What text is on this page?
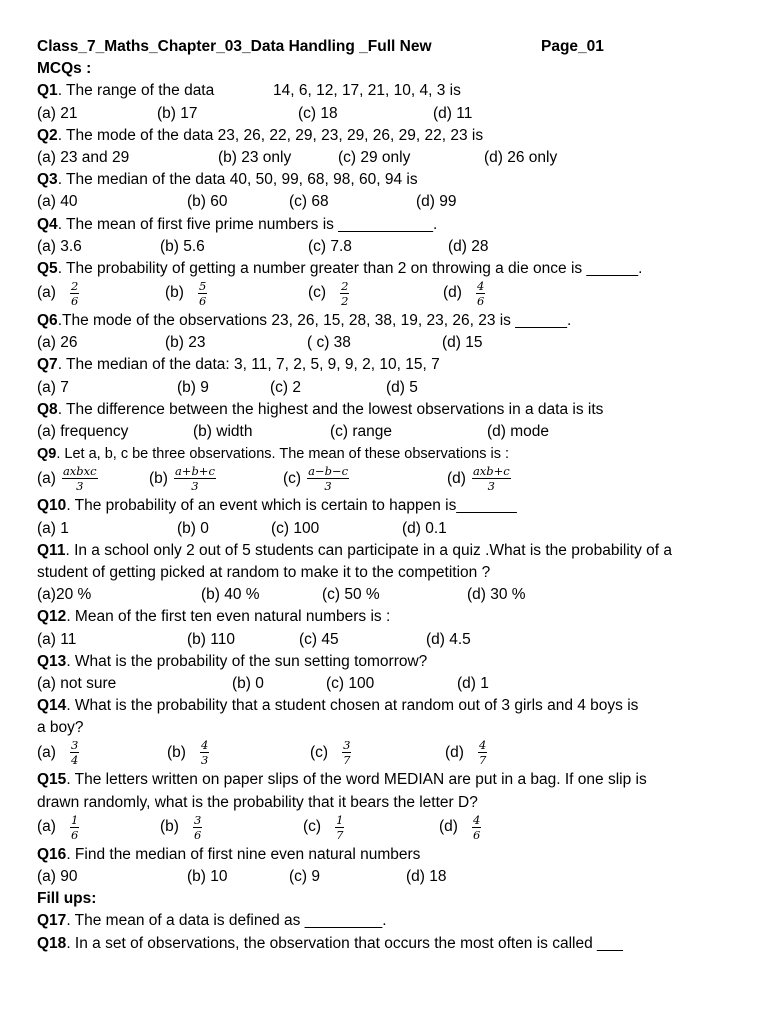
Class_7_Maths_Chapter_03_Data Handling _Full New	Page_01
MCQs :
Q1. The range of the data	14, 6, 12, 17, 21, 10, 4, 3 is
(a) 21	(b) 17	(c) 18	(d) 11
Q2. The mode of the data 23, 26, 22, 29, 23, 29, 26, 29, 22, 23 is
(a) 23 and 29	(b) 23 only	(c) 29 only	(d) 26 only
Q3. The median of the data 40, 50, 99, 68, 98, 60, 94 is
(a) 40	(b) 60	(c) 68	(d) 99
Q4. The mean of first five prime numbers is ___________.
(a) 3.6	(b) 5.6	(c) 7.8	(d) 28
Q5. The probability of getting a number greater than 2 on throwing a die once is ______.
$(a) \frac{2}{6}$	$(b) \frac{5}{6}$	$(c) \frac{2}{2}$	$(d) \frac{4}{6}$
Q6.The mode of the observations 23, 26, 15, 28, 38, 19, 23, 26, 23 is ______.
(a) 26	(b) 23	( c) 38	(d) 15
Q7. The median of the data: 3, 11, 7, 2, 5, 9, 9, 2, 10, 15, 7
(a) 7	(b) 9	(c) 2	(d) 5
Q8. The difference between the highest and the lowest observations in a data is its
(a) frequency	(b) width	(c) range	(d) mode
Q9. Let a, b, c be three observations. The mean of these observations is :
$(a) \frac{\text{axbxc}}{3}$	$(b) \frac{a+b+c}{3}$	$(c) \frac{a-b-c}{3}$	$(d) \frac{\text{axb+c}}{3}$
Q10. The probability of an event which is certain to happen is_______
(a) 1	(b) 0	(c) 100	(d) 0.1
Q11. In a school only 2 out of 5 students can participate in a quiz .What is the probability of a
student of getting picked at random to make it to the competition ?
(a)20 %	(b) 40 %	(c) 50 %	(d) 30 %
Q12. Mean of the first ten even natural numbers is :
(a) 11	(b) 110	(c) 45	(d) 4.5
Q13. What is the probability of the sun setting tomorrow?
(a) not sure	(b) 0	(c) 100	(d) 1
Q14. What is the probability that a student chosen at random out of 3 girls and 4 boys is
a boy?
$(a) \frac{3}{4}$	$(b) \frac{4}{3}$	$(c) \frac{3}{7}$	$(d) \frac{4}{7}$
Q15. The letters written on paper slips of the word MEDIAN are put in a bag. If one slip is
drawn randomly, what is the probability that it bears the letter D?
$(a) \frac{1}{6}$	$(b) \frac{3}{6}$	$(c) \frac{1}{7}$	$(d) \frac{4}{6}$
Q16. Find the median of first nine even natural numbers
(a) 90	(b) 10	(c) 9	(d) 18
Fill ups:
Q17. The mean of a data is defined as _________.
Q18. In a set of observations, the observation that occurs the most often is called ___
